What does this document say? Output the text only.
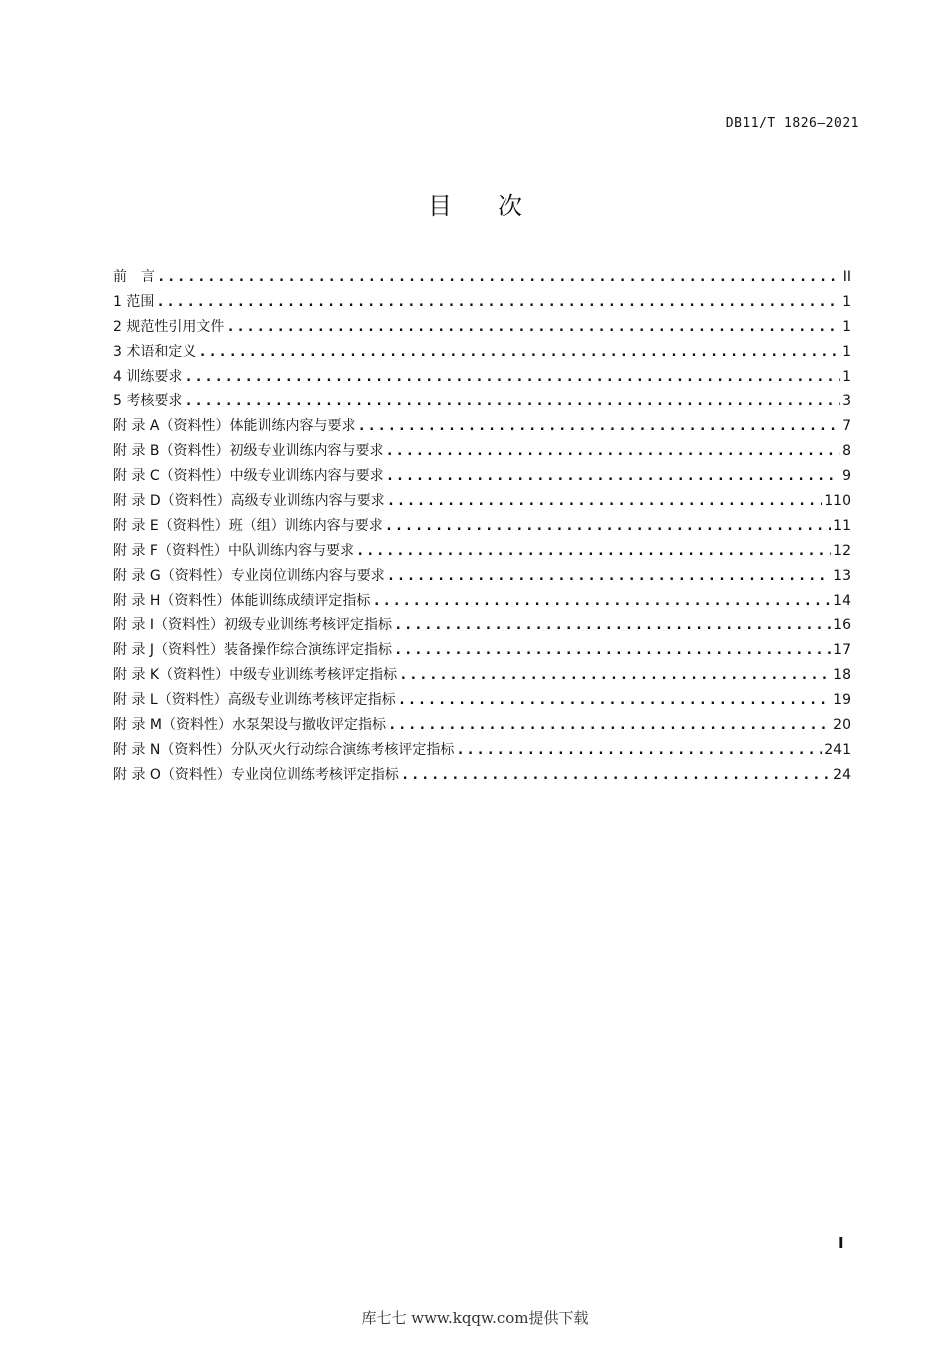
DB11/T 1826—2021
目次
前　言 .....	II
1 范围 .....	1
2 规范性引用文件 .....	1
3 术语和定义 .....	1
4 训练要求 .....	1
5 考核要求 .....	3
附 录 A（资料性）体能训练内容与要求 .....	7
附 录 B（资料性）初级专业训练内容与要求 .....	8
附 录 C（资料性）中级专业训练内容与要求 .....	9
附 录 D（资料性）高级专业训练内容与要求 .....	110
附 录 E（资料性）班（组）训练内容与要求 .....	11
附 录 F（资料性）中队训练内容与要求 .....	12
附 录 G（资料性）专业岗位训练内容与要求 .....	13
附 录 H（资料性）体能训练成绩评定指标 .....	14
附 录 I（资料性）初级专业训练考核评定指标 .....	16
附 录 J（资料性）装备操作综合演练评定指标 .....	17
附 录 K（资料性）中级专业训练考核评定指标 .....	18
附 录 L（资料性）高级专业训练考核评定指标 .....	19
附 录 M（资料性）水泵架设与撤收评定指标 .....	20
附 录 N（资料性）分队灭火行动综合演练考核评定指标 .....	241
附 录 O（资料性）专业岗位训练考核评定指标 .....	24
I
库七七 www.kqqw.com提供下载
